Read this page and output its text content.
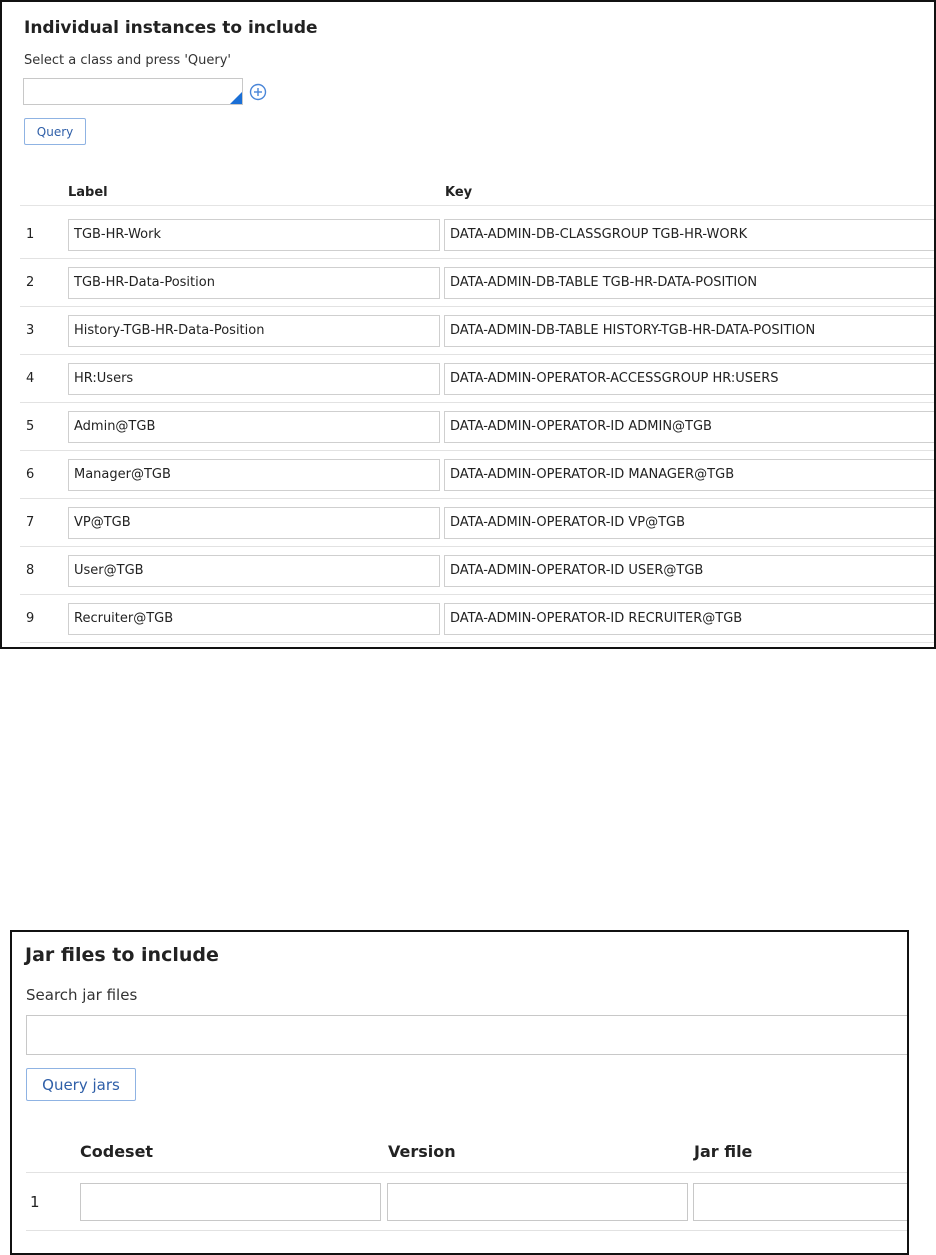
Individual instances to include
Select a class and press 'Query'
Query
Label	Key
1	TGB-HR-Work	DATA-ADMIN-DB-CLASSGROUP TGB-HR-WORK
2	TGB-HR-Data-Position	DATA-ADMIN-DB-TABLE TGB-HR-DATA-POSITION
3	History-TGB-HR-Data-Position	DATA-ADMIN-DB-TABLE HISTORY-TGB-HR-DATA-POSITION
4	HR:Users	DATA-ADMIN-OPERATOR-ACCESSGROUP HR:USERS
5	Admin@TGB	DATA-ADMIN-OPERATOR-ID ADMIN@TGB
6	Manager@TGB	DATA-ADMIN-OPERATOR-ID MANAGER@TGB
7	VP@TGB	DATA-ADMIN-OPERATOR-ID VP@TGB
8	User@TGB	DATA-ADMIN-OPERATOR-ID USER@TGB
9	Recruiter@TGB	DATA-ADMIN-OPERATOR-ID RECRUITER@TGB
Jar files to include
Search jar files
Query jars
Codeset	Version	Jar file
1
